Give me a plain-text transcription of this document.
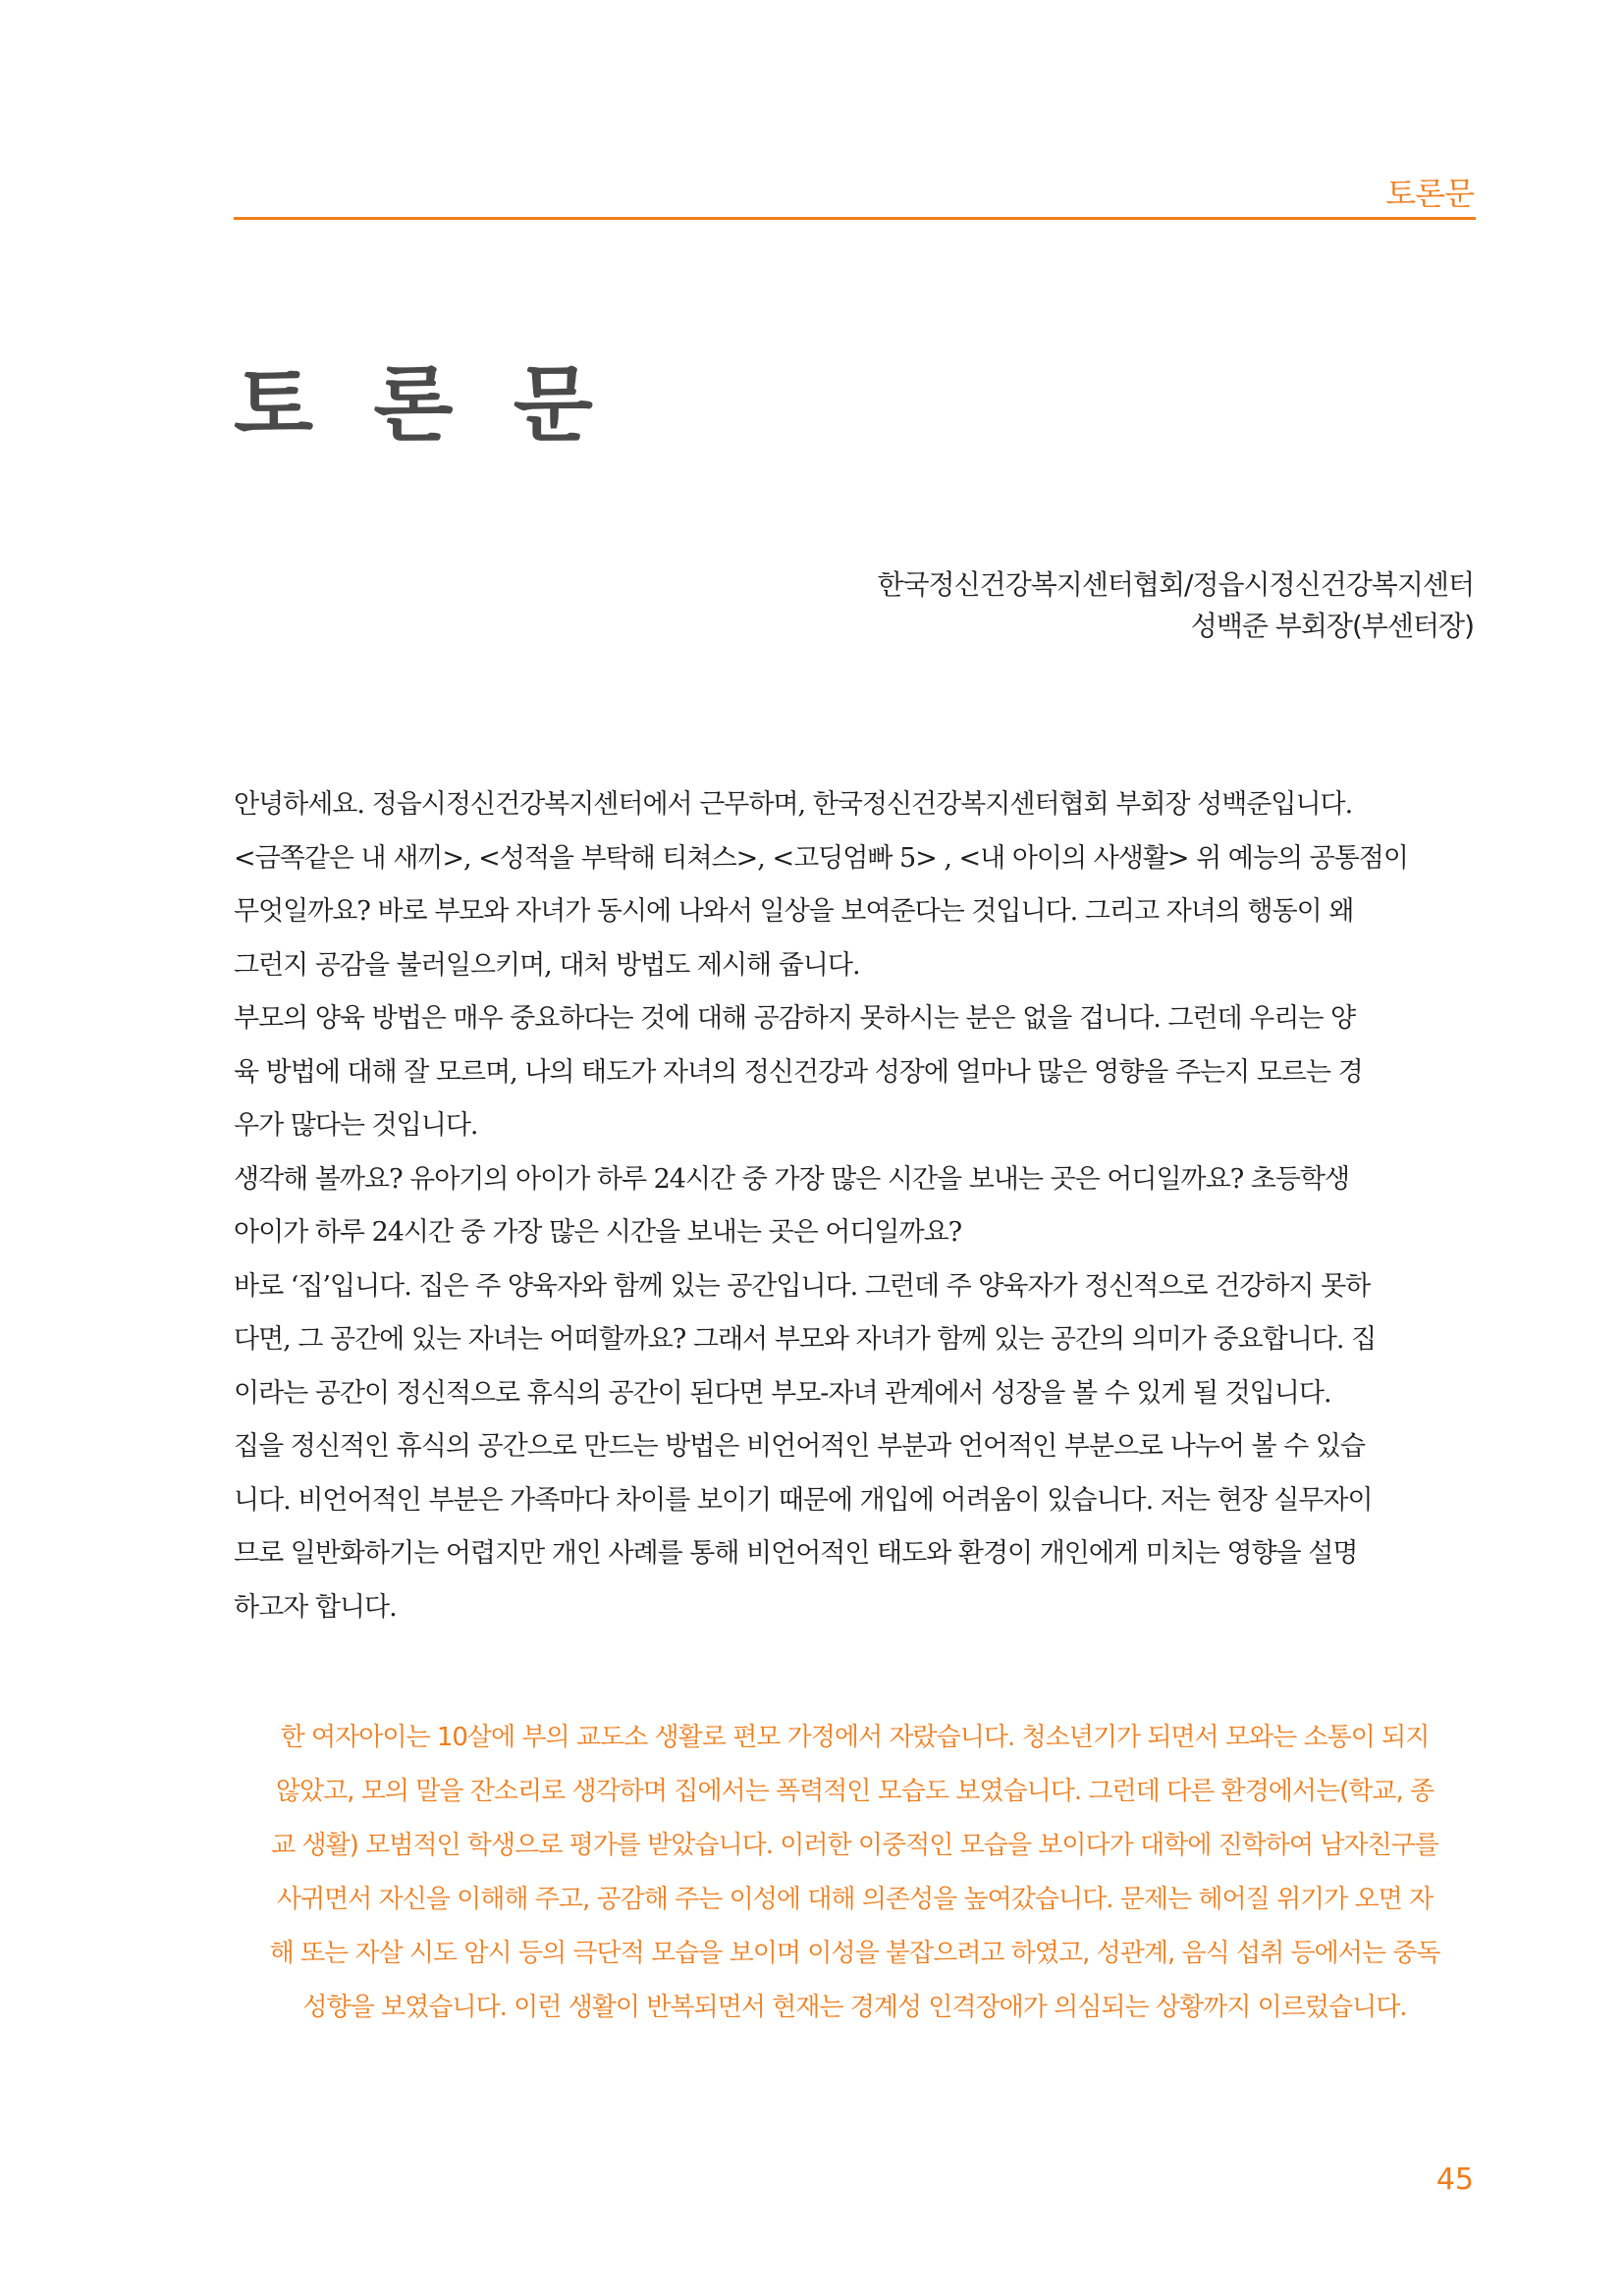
토론문
토 론 문
한국정신건강복지센터협회/정읍시정신건강복지센터
성백준 부회장(부센터장)
안녕하세요. 정읍시정신건강복지센터에서 근무하며, 한국정신건강복지센터협회 부회장 성백준입니다.
<금쪽같은 내 새끼>, <성적을 부탁해 티쳐스>, <고딩엄빠 5> , <내 아이의 사생활> 위 예능의 공통점이
무엇일까요? 바로 부모와 자녀가 동시에 나와서 일상을 보여준다는 것입니다. 그리고 자녀의 행동이 왜
그런지 공감을 불러일으키며, 대처 방법도 제시해 줍니다.
부모의 양육 방법은 매우 중요하다는 것에 대해 공감하지 못하시는 분은 없을 겁니다. 그런데 우리는 양
육 방법에 대해 잘 모르며, 나의 태도가 자녀의 정신건강과 성장에 얼마나 많은 영향을 주는지 모르는 경
우가 많다는 것입니다.
생각해 볼까요? 유아기의 아이가 하루 24시간 중 가장 많은 시간을 보내는 곳은 어디일까요? 초등학생
아이가 하루 24시간 중 가장 많은 시간을 보내는 곳은 어디일까요?
바로 ‘집’입니다. 집은 주 양육자와 함께 있는 공간입니다. 그런데 주 양육자가 정신적으로 건강하지 못하
다면, 그 공간에 있는 자녀는 어떠할까요? 그래서 부모와 자녀가 함께 있는 공간의 의미가 중요합니다. 집
이라는 공간이 정신적으로 휴식의 공간이 된다면 부모-자녀 관계에서 성장을 볼 수 있게 될 것입니다.
집을 정신적인 휴식의 공간으로 만드는 방법은 비언어적인 부분과 언어적인 부분으로 나누어 볼 수 있습
니다. 비언어적인 부분은 가족마다 차이를 보이기 때문에 개입에 어려움이 있습니다. 저는 현장 실무자이
므로 일반화하기는 어렵지만 개인 사례를 통해 비언어적인 태도와 환경이 개인에게 미치는 영향을 설명
하고자 합니다.
한 여자아이는 10살에 부의 교도소 생활로 편모 가정에서 자랐습니다. 청소년기가 되면서 모와는 소통이 되지
않았고, 모의 말을 잔소리로 생각하며 집에서는 폭력적인 모습도 보였습니다. 그런데 다른 환경에서는(학교, 종
교 생활) 모범적인 학생으로 평가를 받았습니다. 이러한 이중적인 모습을 보이다가 대학에 진학하여 남자친구를
사귀면서 자신을 이해해 주고, 공감해 주는 이성에 대해 의존성을 높여갔습니다. 문제는 헤어질 위기가 오면 자
해 또는 자살 시도 암시 등의 극단적 모습을 보이며 이성을 붙잡으려고 하였고, 성관계, 음식 섭취 등에서는 중독
성향을 보였습니다. 이런 생활이 반복되면서 현재는 경계성 인격장애가 의심되는 상황까지 이르렀습니다.
45
